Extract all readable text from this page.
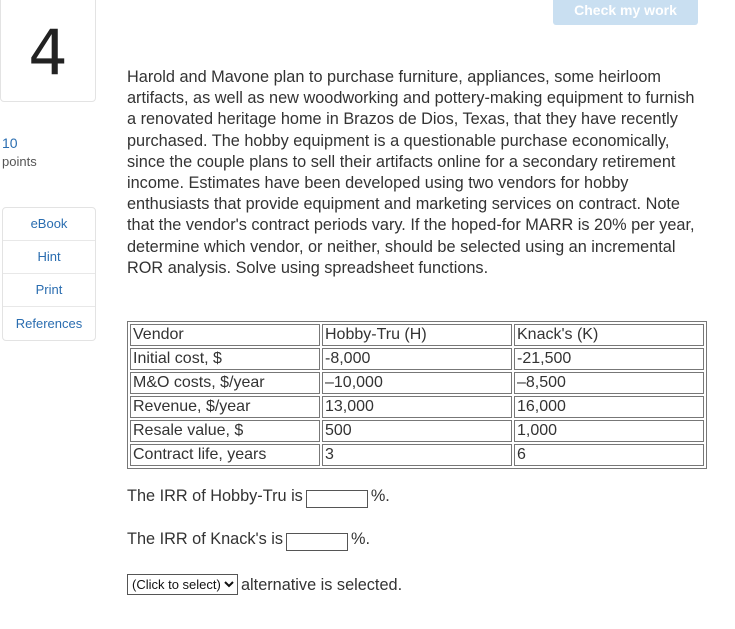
4
10
points
eBook
Hint
Print
References
Check my work

Harold and Mavone plan to purchase furniture, appliances, some heirloom artifacts, as well as new woodworking and pottery-making equipment to furnish a renovated heritage home in Brazos de Dios, Texas, that they have recently purchased. The hobby equipment is a questionable purchase economically, since the couple plans to sell their artifacts online for a secondary retirement income. Estimates have been developed using two vendors for hobby enthusiasts that provide equipment and marketing services on contract. Note that the vendor's contract periods vary. If the hoped-for MARR is 20% per year, determine which vendor, or neither, should be selected using an incremental ROR analysis. Solve using spreadsheet functions.

Vendor	Hobby-Tru (H)	Knack's (K)
Initial cost, $	-8,000	-21,500
M&O costs, $/year	–10,000	–8,500
Revenue, $/year	13,000	16,000
Resale value, $	500	1,000
Contract life, years	3	6
The IRR of Hobby-Tru is	%.
The IRR of Knack's is	%.
(Click to select)alternative is selected.
